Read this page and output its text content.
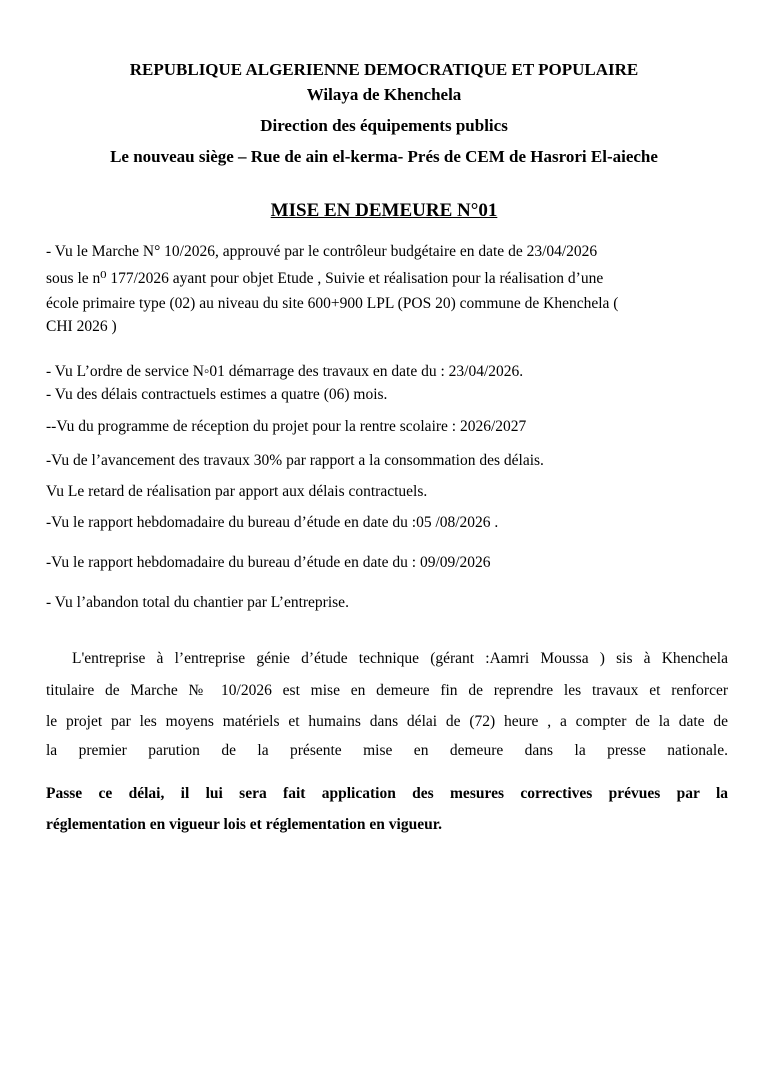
REPUBLIQUE ALGERIENNE DEMOCRATIQUE ET POPULAIRE
Wilaya de Khenchela
Direction des équipements publics
Le nouveau siège – Rue de ain el-kerma- Prés de CEM de Hasrori El-aieche
MISE EN DEMEURE N°01
- Vu le Marche N° 10/2026, approuvé par le contrôleur budgétaire en date de 23/04/2026
sous le n⁰ 177/2026 ayant pour objet Etude , Suivie et réalisation pour la réalisation d’une
école primaire type (02) au niveau du site 600+900 LPL (POS 20) commune de Khenchela (
CHI 2026 )
- Vu L’ordre de service N◦01 démarrage des travaux en date du : 23/04/2026.
- Vu des délais contractuels estimes a quatre (06) mois.
--Vu du programme de réception du projet pour la rentre scolaire : 2026/2027
-Vu de l’avancement des travaux 30% par rapport a la consommation des délais.
Vu Le retard de réalisation par apport aux délais contractuels.
-Vu le rapport hebdomadaire du bureau d’étude en date du :05 /08/2026 .
-Vu le rapport hebdomadaire du bureau d’étude en date du : 09/09/2026
- Vu l’abandon total du chantier par L’entreprise.
L'entreprise à l’entreprise génie d’étude technique (gérant :Aamri Moussa ) sis à Khenchela
titulaire de Marche № 10/2026 est mise en demeure fin de reprendre les travaux et renforcer
le projet par les moyens matériels et humains dans délai de (72) heure , a compter de la date de
la premier parution de la présente mise en demeure dans la presse nationale.
Passe ce délai, il lui sera fait application des mesures correctives prévues par la
réglementation en vigueur lois et réglementation en vigueur.
